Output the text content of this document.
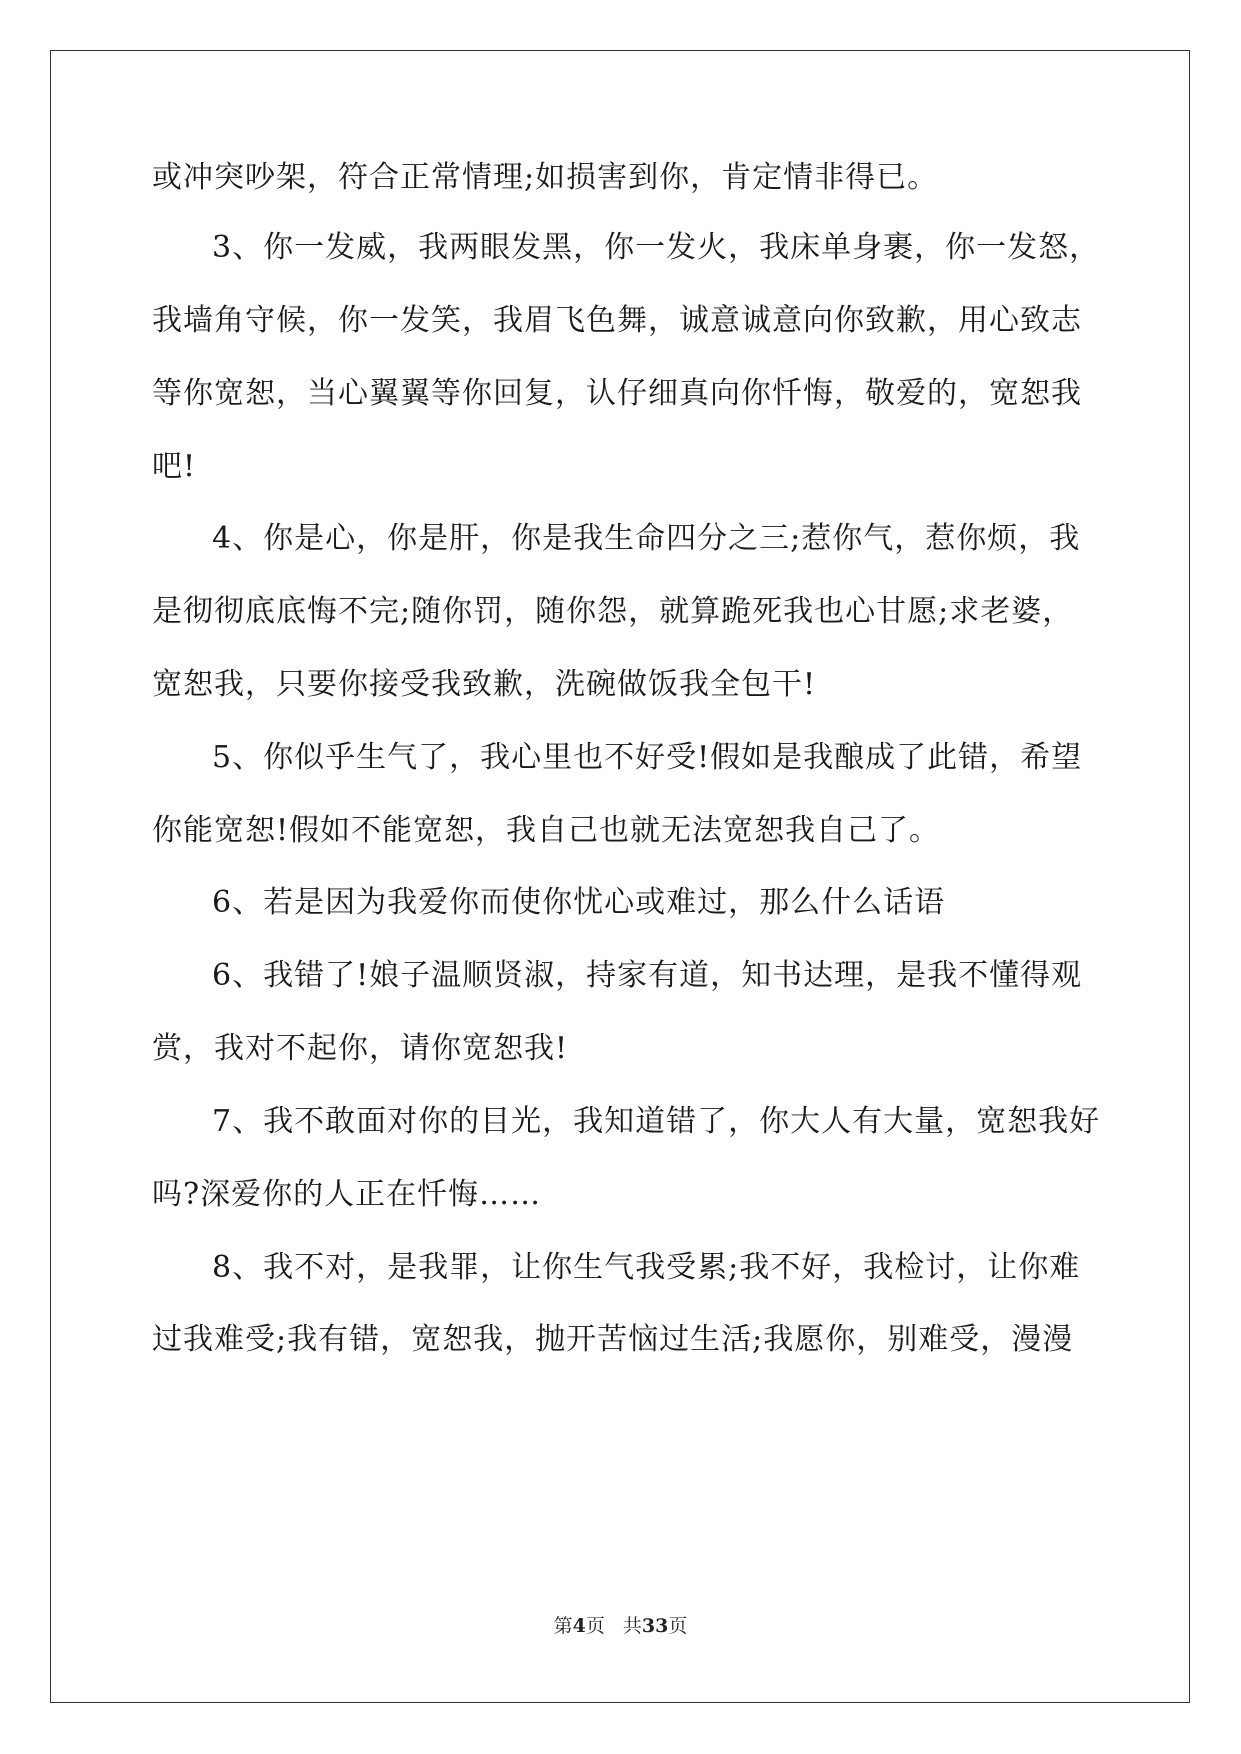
或冲突吵架，符合正常情理;如损害到你，肯定情非得已。
3、你一发威，我两眼发黑，你一发火，我床单身裹，你一发怒，
我墙角守候，你一发笑，我眉飞色舞，诚意诚意向你致歉，用心致志
等你宽恕，当心翼翼等你回复，认仔细真向你忏悔，敬爱的，宽恕我
吧!
4、你是心，你是肝，你是我生命四分之三;惹你气，惹你烦，我
是彻彻底底悔不完;随你罚，随你怨，就算跪死我也心甘愿;求老婆，
宽恕我，只要你接受我致歉，洗碗做饭我全包干!
5、你似乎生气了，我心里也不好受!假如是我酿成了此错，希望
你能宽恕!假如不能宽恕，我自己也就无法宽恕我自己了。
6、若是因为我爱你而使你忧心或难过，那么什么话语
6、我错了!娘子温顺贤淑，持家有道，知书达理，是我不懂得观
赏，我对不起你，请你宽恕我!
7、我不敢面对你的目光，我知道错了，你大人有大量，宽恕我好
吗?深爱你的人正在忏悔……
8、我不对，是我罪，让你生气我受累;我不好，我检讨，让你难
过我难受;我有错，宽恕我，抛开苦恼过生活;我愿你，别难受，漫漫
第4页 共33页
